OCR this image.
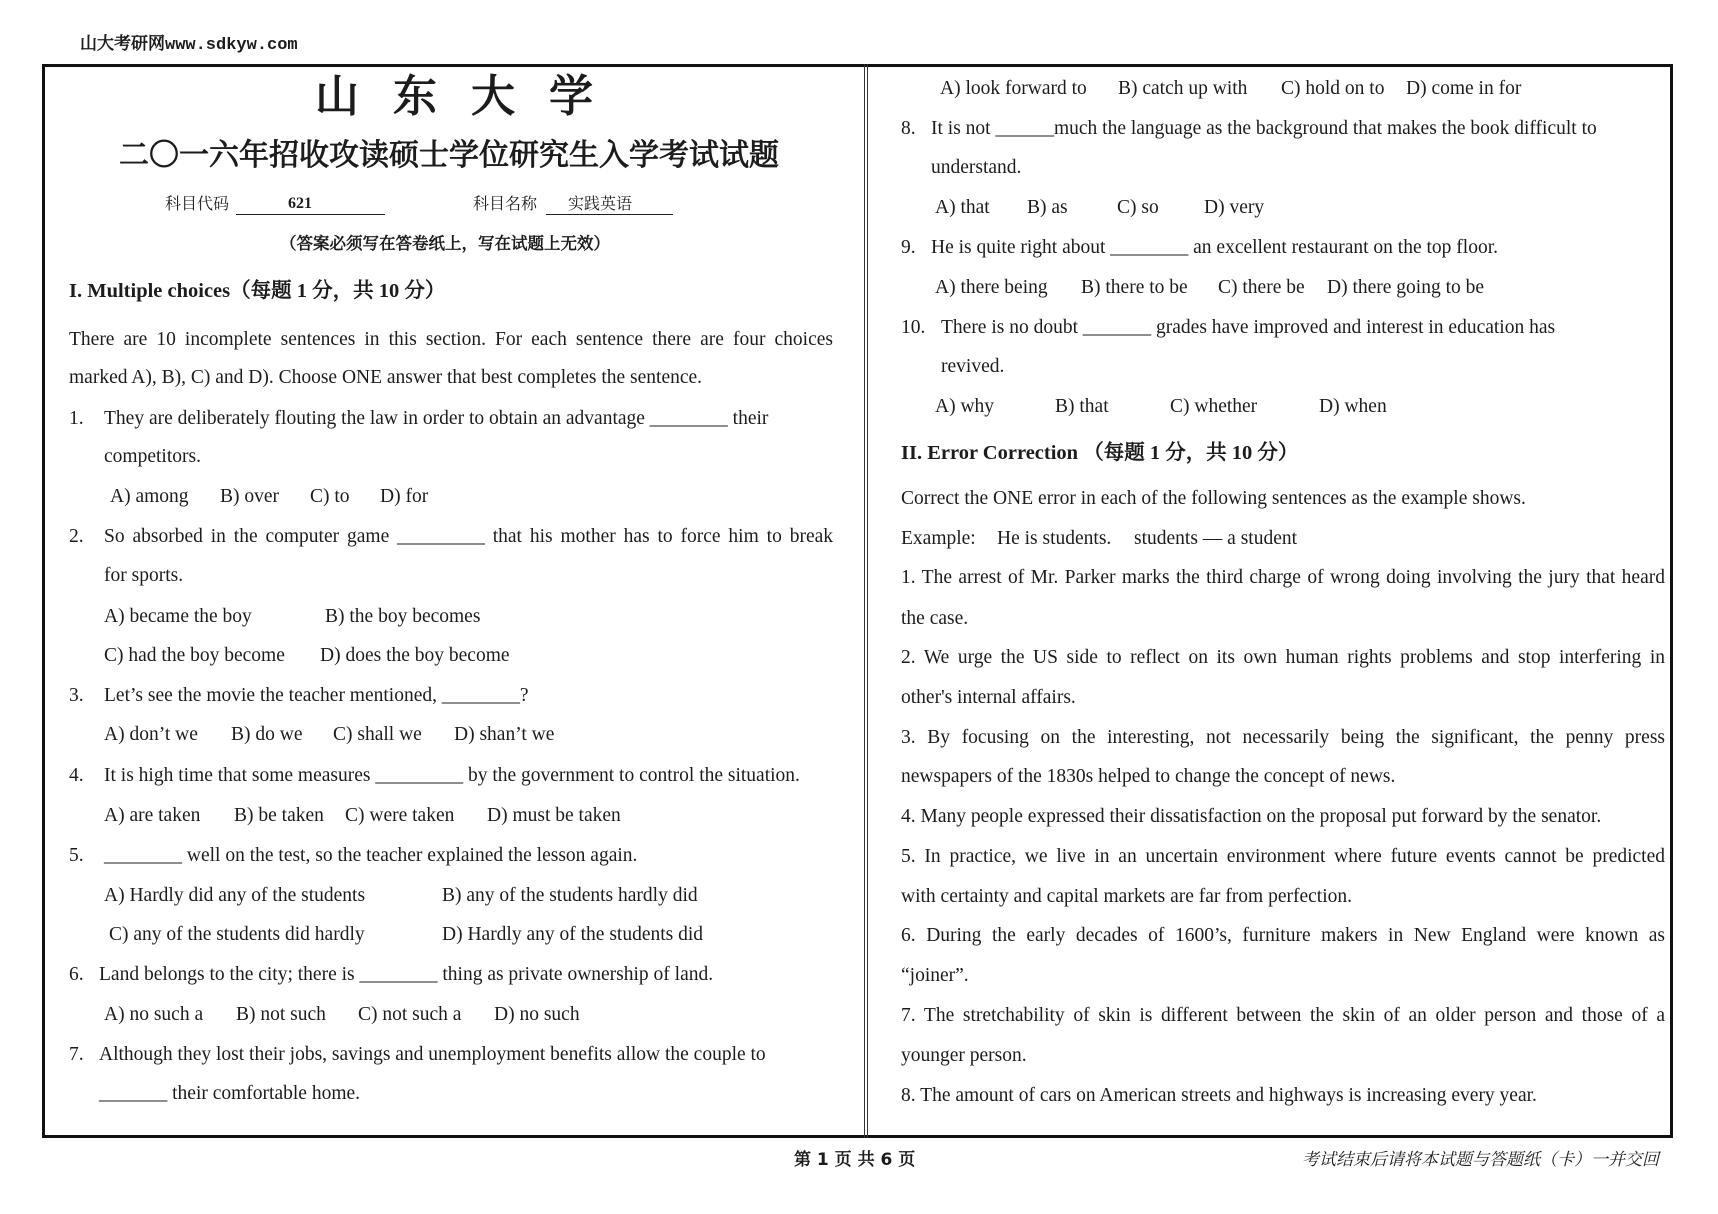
山大考研网www.sdkyw.com
山东大学
二〇一六年招收攻读硕士学位研究生入学考试试题
科目代码	621	科目名称	实践英语
（答案必须写在答卷纸上，写在试题上无效）
I. Multiple choices（每题 1 分，共 10 分）
There are 10 incomplete sentences in this section. For each sentence there are four choices
marked A), B), C) and D). Choose ONE answer that best completes the sentence.
1. They are deliberately flouting the law in order to obtain an advantage ________ their
competitors.
A) among B) over C) to D) for
2. So absorbed in the computer game _________ that his mother has to force him to break
for sports.
A) became the boy	B) the boy becomes
C) had the boy become D) does the boy become
3. Let’s see the movie the teacher mentioned, ________?
A) don’t we B) do we C) shall we D) shan’t we
4. It is high time that some measures _________ by the government to control the situation.
A) are taken B) be taken C) were taken D) must be taken
5. ________ well on the test, so the teacher explained the lesson again.
A) Hardly did any of the students	B) any of the students hardly did
C) any of the students did hardly	D) Hardly any of the students did
6. Land belongs to the city; there is ________ thing as private ownership of land.
A) no such a B) not such C) not such a D) no such
7. Although they lost their jobs, savings and unemployment benefits allow the couple to
_______ their comfortable home.
A) look forward to B) catch up with C) hold on to D) come in for
8. It is not ______much the language as the background that makes the book difficult to
understand.
A) that B) as	C) so D) very
9. He is quite right about ________ an excellent restaurant on the top floor.
A) there being B) there to be C) there be D) there going to be
10. There is no doubt _______ grades have improved and interest in education has
revived.
A) why	B) that	C) whether	D) when
II. Error Correction （每题 1 分，共 10 分）
Correct the ONE error in each of the following sentences as the example shows.
Example: He is students. students — a student
1. The arrest of Mr. Parker marks the third charge of wrong doing involving the jury that heard
the case.
2. We urge the US side to reflect on its own human rights problems and stop interfering in
other's internal affairs.
3. By focusing on the interesting, not necessarily being the significant, the penny press
newspapers of the 1830s helped to change the concept of news.
4. Many people expressed their dissatisfaction on the proposal put forward by the senator.
5. In practice, we live in an uncertain environment where future events cannot be predicted
with certainty and capital markets are far from perfection.
6. During the early decades of 1600’s, furniture makers in New England were known as
“joiner”.
7. The stretchability of skin is different between the skin of an older person and those of a
younger person.
8. The amount of cars on American streets and highways is increasing every year.
第 1 页 共 6 页	考试结束后请将本试题与答题纸（卡）一并交回
